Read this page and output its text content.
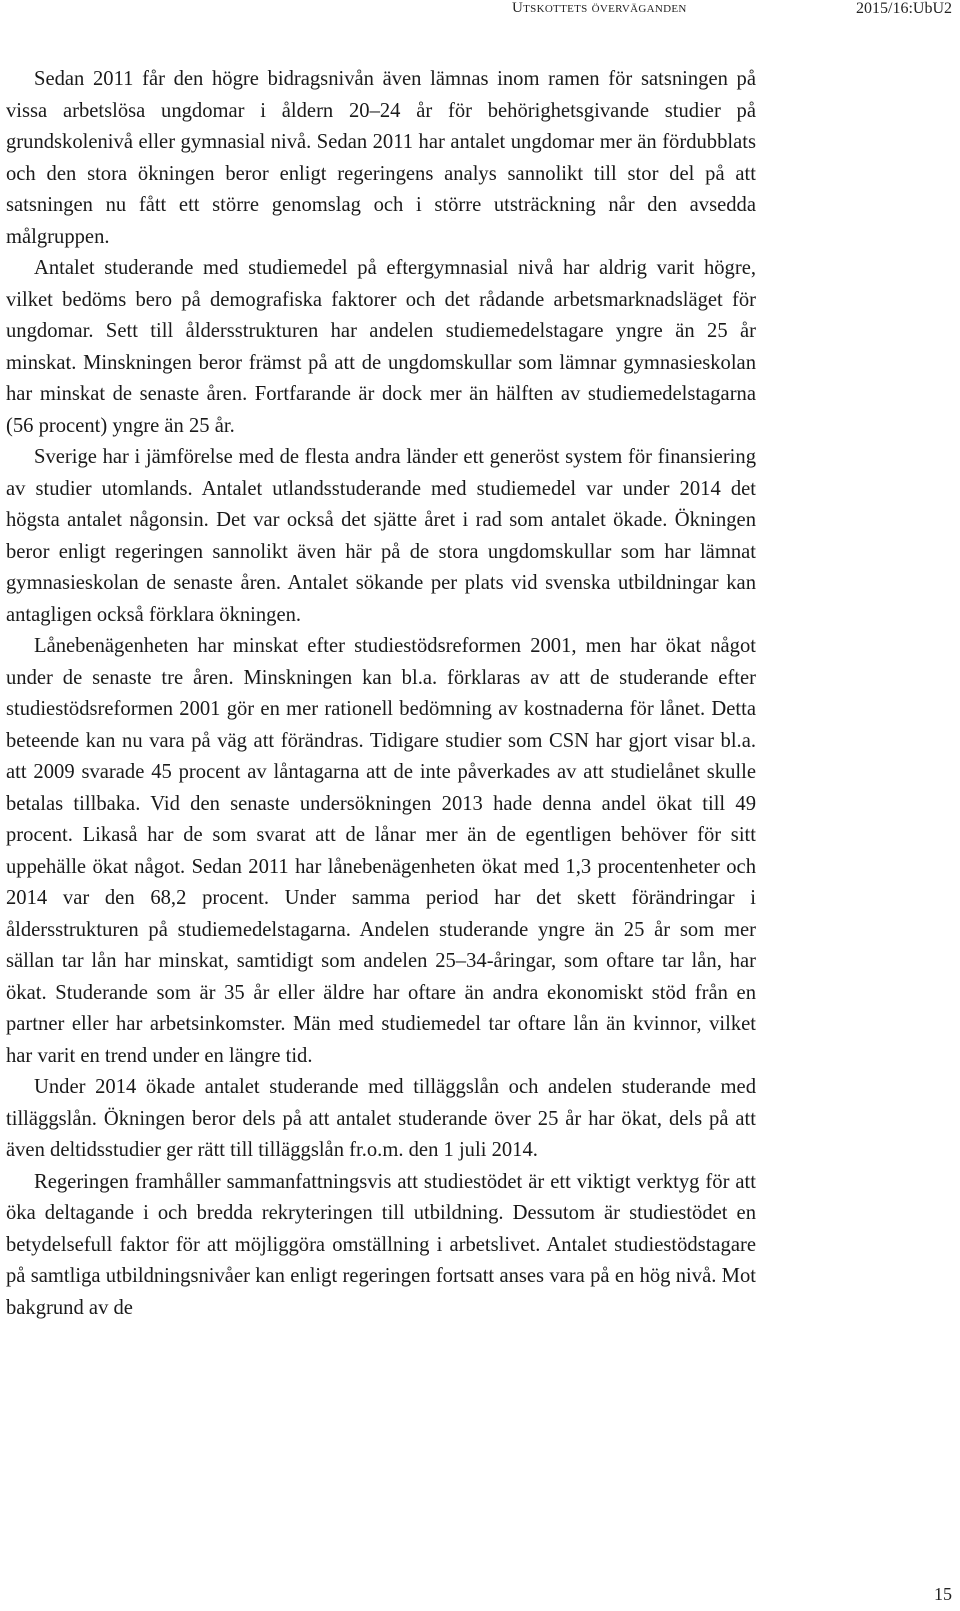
Utskottets överväganden	2015/16:UbU2

Sedan 2011 får den högre bidragsnivån även lämnas inom ramen för satsningen på vissa arbetslösa ungdomar i åldern 20–24 år för behörighetsgivande studier på grundskolenivå eller gymnasial nivå. Sedan 2011 har antalet ungdomar mer än fördubblats och den stora ökningen beror enligt regeringens analys sannolikt till stor del på att satsningen nu fått ett större genomslag och i större utsträckning når den avsedda målgruppen.

Antalet studerande med studiemedel på eftergymnasial nivå har aldrig varit högre, vilket bedöms bero på demografiska faktorer och det rådande arbetsmarknadsläget för ungdomar. Sett till åldersstrukturen har andelen studiemedelstagare yngre än 25 år minskat. Minskningen beror främst på att de ungdomskullar som lämnar gymnasieskolan har minskat de senaste åren. Fortfarande är dock mer än hälften av studiemedelstagarna (56 procent) yngre än 25 år.

Sverige har i jämförelse med de flesta andra länder ett generöst system för finansiering av studier utomlands. Antalet utlandsstuderande med studiemedel var under 2014 det högsta antalet någonsin. Det var också det sjätte året i rad som antalet ökade. Ökningen beror enligt regeringen sannolikt även här på de stora ungdomskullar som har lämnat gymnasieskolan de senaste åren. Antalet sökande per plats vid svenska utbildningar kan antagligen också förklara ökningen.

Lånebenägenheten har minskat efter studiestödsreformen 2001, men har ökat något under de senaste tre åren. Minskningen kan bl.a. förklaras av att de studerande efter studiestödsreformen 2001 gör en mer rationell bedömning av kostnaderna för lånet. Detta beteende kan nu vara på väg att förändras. Tidigare studier som CSN har gjort visar bl.a. att 2009 svarade 45 procent av låntagarna att de inte påverkades av att studielånet skulle betalas tillbaka. Vid den senaste undersökningen 2013 hade denna andel ökat till 49 procent. Likaså har de som svarat att de lånar mer än de egentligen behöver för sitt uppehälle ökat något. Sedan 2011 har lånebenägenheten ökat med 1,3 procentenheter och 2014 var den 68,2 procent. Under samma period har det skett förändringar i åldersstrukturen på studiemedelstagarna. Andelen studerande yngre än 25 år som mer sällan tar lån har minskat, samtidigt som andelen 25–34-åringar, som oftare tar lån, har ökat. Studerande som är 35 år eller äldre har oftare än andra ekonomiskt stöd från en partner eller har arbetsinkomster. Män med studiemedel tar oftare lån än kvinnor, vilket har varit en trend under en längre tid.

Under 2014 ökade antalet studerande med tilläggslån och andelen studerande med tilläggslån. Ökningen beror dels på att antalet studerande över 25 år har ökat, dels på att även deltidsstudier ger rätt till tilläggslån fr.o.m. den 1 juli 2014.

Regeringen framhåller sammanfattningsvis att studiestödet är ett viktigt verktyg för att öka deltagande i och bredda rekryteringen till utbildning. Dessutom är studiestödet en betydelsefull faktor för att möjliggöra omställning i arbetslivet. Antalet studiestödstagare på samtliga utbildningsnivåer kan enligt regeringen fortsatt anses vara på en hög nivå. Mot bakgrund av de

15
